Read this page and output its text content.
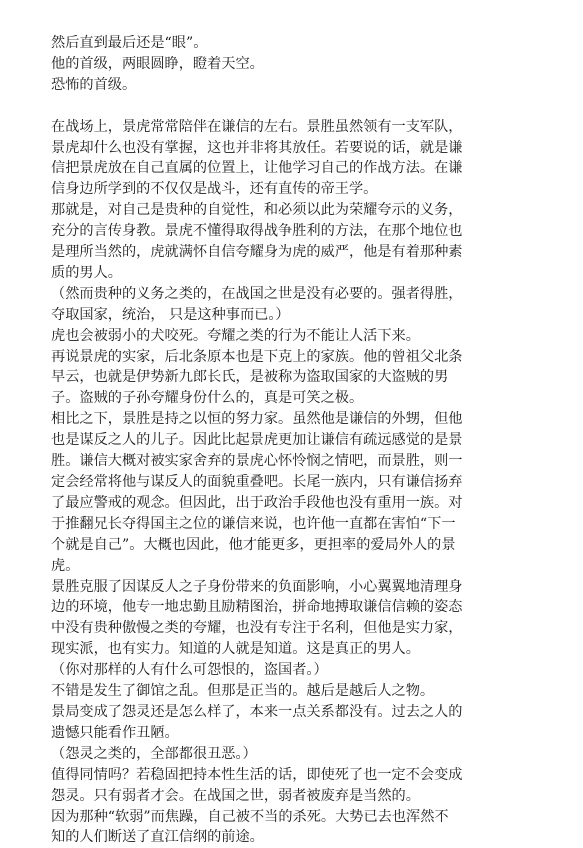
然后直到最后还是“眼”。
他的首级，两眼圆睁，瞪着天空。
恐怖的首级。
在战场上，景虎常常陪伴在谦信的左右。景胜虽然领有一支军队，
景虎却什么也没有掌握，这也并非将其放任。若要说的话，就是谦
信把景虎放在自己直属的位置上，让他学习自己的作战方法。在谦
信身边所学到的不仅仅是战斗，还有直传的帝王学。
那就是，对自己是贵种的自觉性，和必须以此为荣耀夸示的义务，
充分的言传身教。景虎不懂得取得战争胜利的方法，在那个地位也
是理所当然的，虎就满怀自信夸耀身为虎的威严，他是有着那种素
质的男人。
（然而贵种的义务之类的，在战国之世是没有必要的。强者得胜，
夺取国家，统治， 只是这种事而已。）
虎也会被弱小的犬咬死。夸耀之类的行为不能让人活下来。
再说景虎的实家，后北条原本也是下克上的家族。他的曾祖父北条
早云，也就是伊势新九郎长氏，是被称为盗取国家的大盗贼的男
子。盗贼的子孙夸耀身份什么的，真是可笑之极。
相比之下，景胜是持之以恒的努力家。虽然他是谦信的外甥，但他
也是谋反之人的儿子。因此比起景虎更加让谦信有疏远感觉的是景
胜。谦信大概对被实家舍弃的景虎心怀怜悯之情吧，而景胜，则一
定会经常将他与谋反人的面貌重叠吧。长尾一族内，只有谦信扬弃
了最应警戒的观念。但因此，出于政治手段他也没有重用一族。对
于推翻兄长夺得国主之位的谦信来说，也许他一直都在害怕“下一
个就是自己”。大概也因此，他才能更多，更担率的爱局外人的景
虎。
景胜克服了因谋反人之子身份带来的负面影响，小心翼翼地清理身
边的环境，他专一地忠勤且励精图治，拼命地搏取谦信信赖的姿态
中没有贵种傲慢之类的夸耀，也没有专注于名利，但他是实力家，
现实派，也有实力。知道的人就是知道。这是真正的男人。
（你对那样的人有什么可怨恨的，盗国者。）
不错是发生了御馆之乱。但那是正当的。越后是越后人之物。
景局变成了怨灵还是怎么样了，本来一点关系都没有。过去之人的
遗憾只能看作丑陋。
（怨灵之类的，全部都很丑恶。）
值得同情吗？若稳固把持本性生活的话，即使死了也一定不会变成
怨灵。只有弱者才会。在战国之世，弱者被废弃是当然的。
因为那种“软弱”而焦躁，自己被不当的杀死。大势已去也浑然不
知的人们断送了直江信纲的前途。
